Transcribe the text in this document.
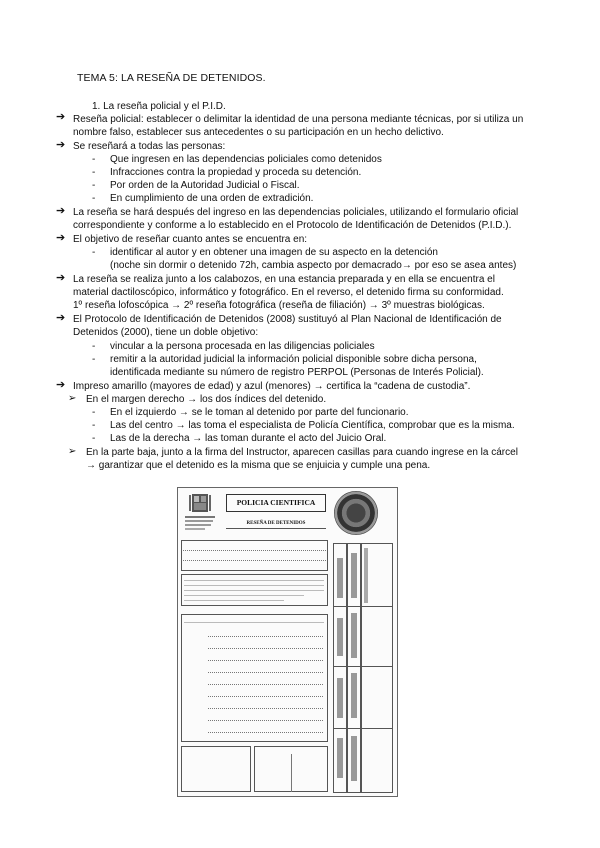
TEMA 5: LA RESEÑA DE DETENIDOS.
1. La reseña policial y el P.I.D.
➔ Reseña policial: establecer o delimitar la identidad de una persona mediante técnicas, por si utiliza un
nombre falso, establecer sus antecedentes o su participación en un hecho delictivo.
➔ Se reseñará a todas las personas:
- Que ingresen en las dependencias policiales como detenidos
- Infracciones contra la propiedad y proceda su detención.
- Por orden de la Autoridad Judicial o Fiscal.
- En cumplimiento de una orden de extradición.
➔ La reseña se hará después del ingreso en las dependencias policiales, utilizando el formulario oficial
correspondiente y conforme a lo establecido en el Protocolo de Identificación de Detenidos (P.I.D.).
➔ El objetivo de reseñar cuanto antes se encuentra en:
- identificar al autor y en obtener una imagen de su aspecto en la detención
(noche sin dormir o detenido 72h, cambia aspecto por demacrado→ por eso se asea antes)
➔ La reseña se realiza junto a los calabozos, en una estancia preparada y en ella se encuentra el
material dactiloscópico, informático y fotográfico. En el reverso, el detenido firma su conformidad.
1º reseña lofoscópica → 2º reseña fotográfica (reseña de filiación) → 3º muestras biológicas.
➔ El Protocolo de Identificación de Detenidos (2008) sustituyó al Plan Nacional de Identificación de
Detenidos (2000), tiene un doble objetivo:
- vincular a la persona procesada en las diligencias policiales
- remitir a la autoridad judicial la información policial disponible sobre dicha persona,
identificada mediante su número de registro PERPOL (Personas de Interés Policial).
➔ Impreso amarillo (mayores de edad) y azul (menores) → certifica la “cadena de custodia”.
➢ En el margen derecho → los dos índices del detenido.
- En el izquierdo → se le toman al detenido por parte del funcionario.
- Las del centro → las toma el especialista de Policía Científica, comprobar que es la misma.
- Las de la derecha → las toman durante el acto del Juicio Oral.
➢ En la parte baja, junto a la firma del Instructor, aparecen casillas para cuando ingrese en la cárcel
→ garantizar que el detenido es la misma que se enjuicia y cumple una pena.
POLICIA CIENTIFICA
RESEÑA DE DETENIDOS
